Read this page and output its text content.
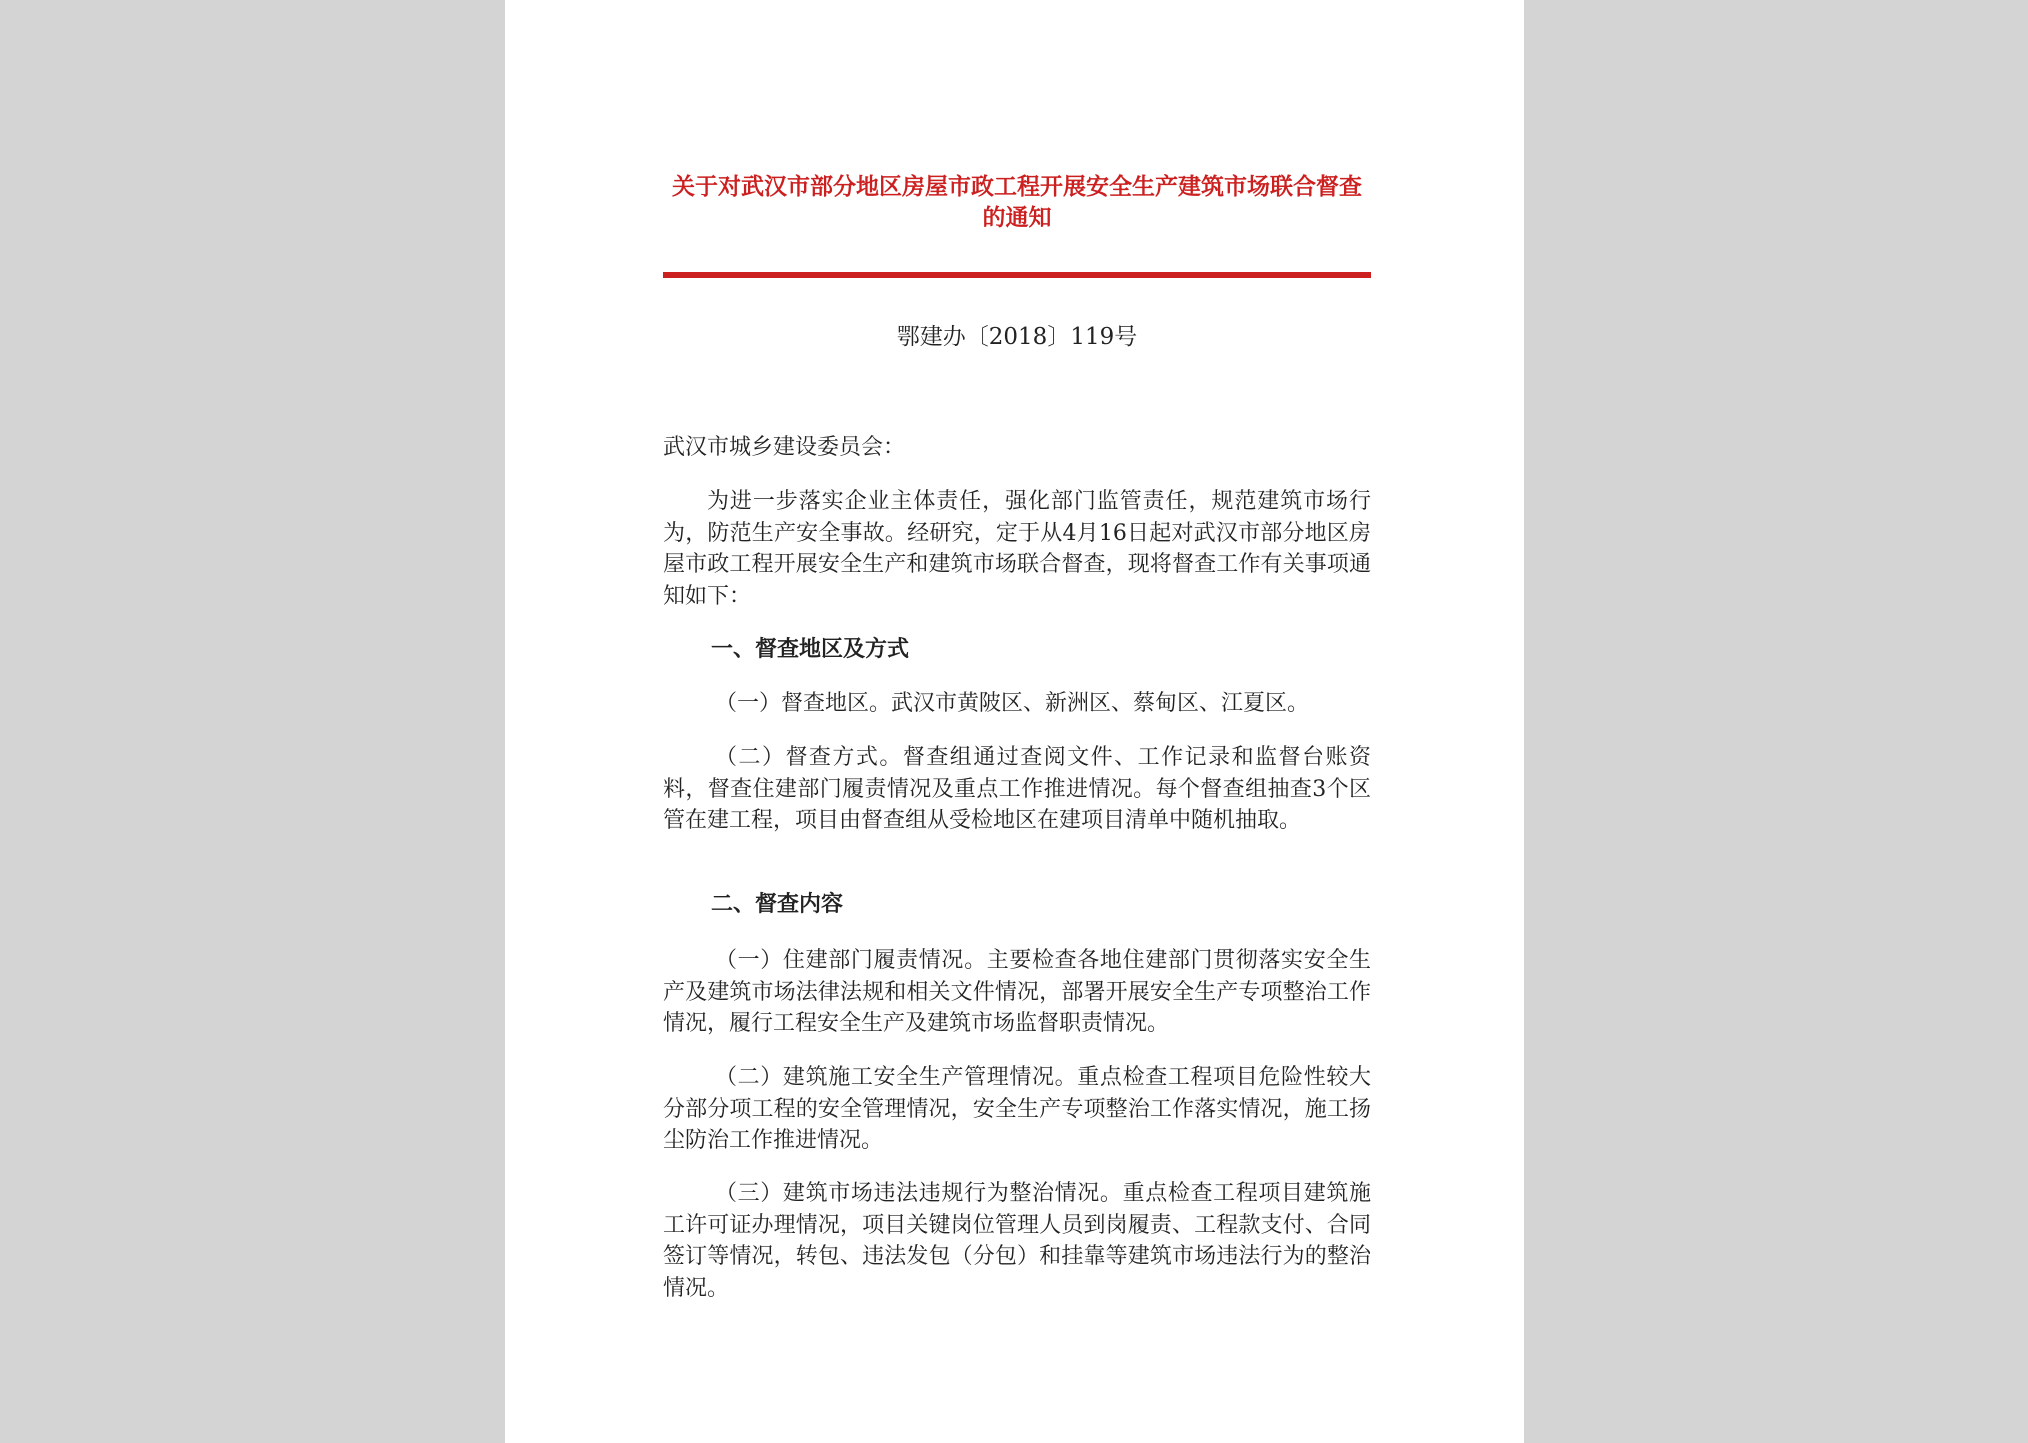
关于对武汉市部分地区房屋市政工程开展安全生产建筑市场联合督查的通知
鄂建办〔2018〕119号
武汉市城乡建设委员会：

为进一步落实企业主体责任，强化部门监管责任，规范建筑市场行为，防范生产安全事故。经研究，定于从4月16日起对武汉市部分地区房屋市政工程开展安全生产和建筑市场联合督查，现将督查工作有关事项通知如下：

一、督查地区及方式

（一）督查地区。武汉市黄陂区、新洲区、蔡甸区、江夏区。

（二）督查方式。督查组通过查阅文件、工作记录和监督台账资料，督查住建部门履责情况及重点工作推进情况。每个督查组抽查3个区管在建工程，项目由督查组从受检地区在建项目清单中随机抽取。

二、督查内容

（一）住建部门履责情况。主要检查各地住建部门贯彻落实安全生产及建筑市场法律法规和相关文件情况，部署开展安全生产专项整治工作情况，履行工程安全生产及建筑市场监督职责情况。

（二）建筑施工安全生产管理情况。重点检查工程项目危险性较大分部分项工程的安全管理情况，安全生产专项整治工作落实情况，施工扬尘防治工作推进情况。

（三）建筑市场违法违规行为整治情况。重点检查工程项目建筑施工许可证办理情况，项目关键岗位管理人员到岗履责、工程款支付、合同签订等情况，转包、违法发包（分包）和挂靠等建筑市场违法行为的整治情况。
